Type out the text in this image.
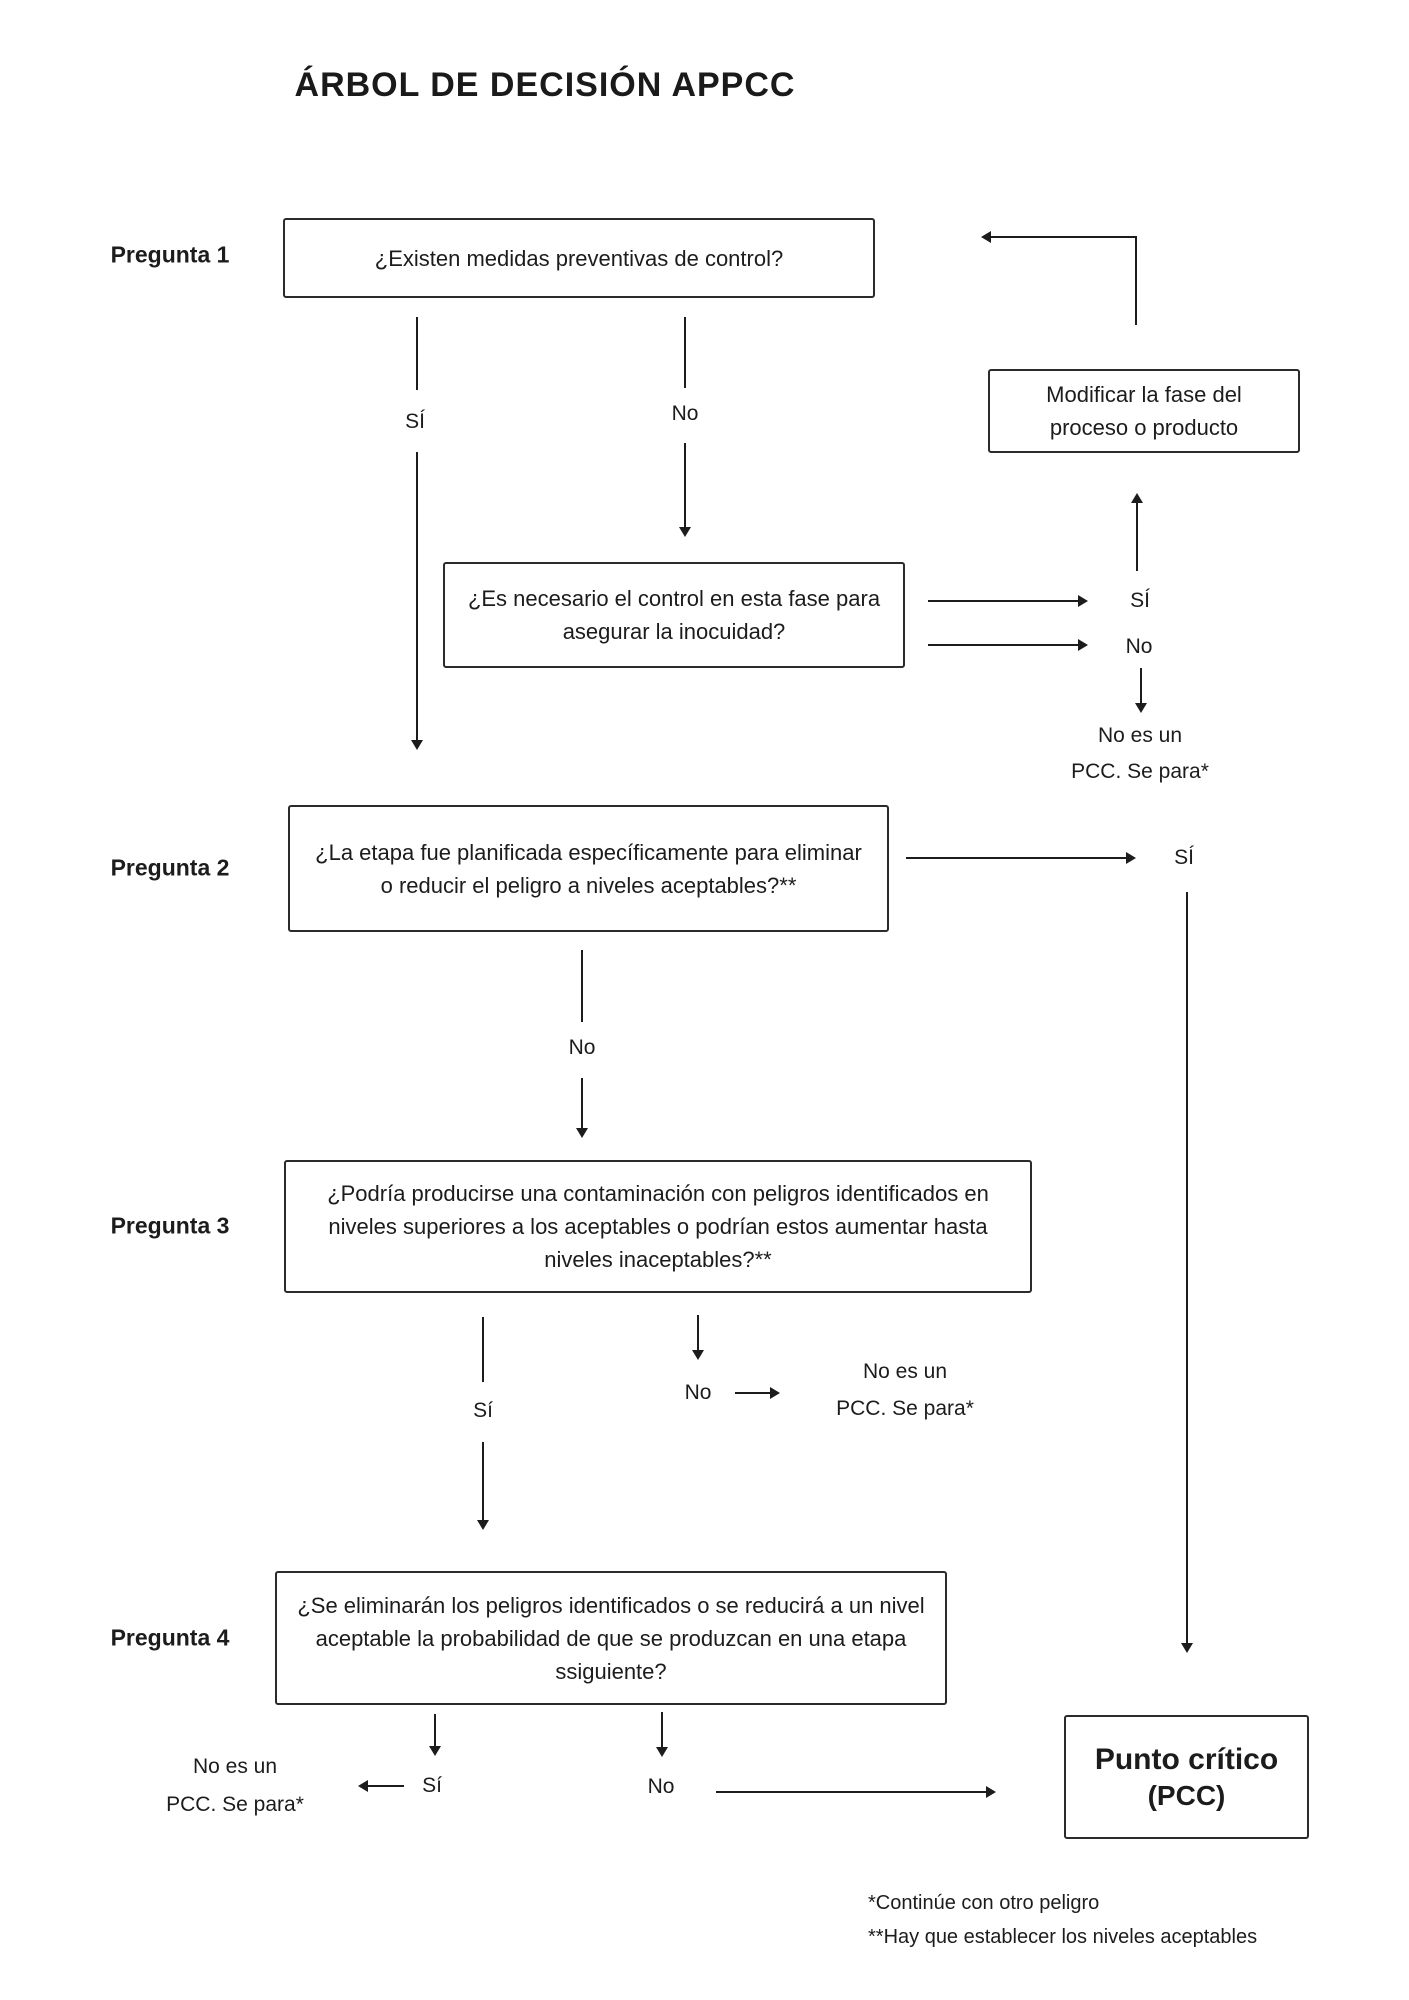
ÁRBOL DE DECISIÓN APPCC
Pregunta 1
Pregunta 2
Pregunta 3
Pregunta 4
¿Existen medidas preventivas de control?
SÍ	No
¿Es necesario el control en esta fase para asegurar la inocuidad?
SÍ
No
Modificar la fase del proceso o producto
No es un
PCC. Se para*
¿La etapa fue planificada específicamente para eliminar o reducir el peligro a niveles aceptables?**
SÍ
No
¿Podría producirse una contaminación con peligros identificados en niveles superiores a los aceptables o podrían estos aumentar hasta niveles inaceptables?**
Sí
No
No es un
PCC. Se para*
¿Se eliminarán los peligros identificados o se reducirá a un nivel aceptable la probabilidad de que se produzcan en una etapa ssiguiente?
Sí
No es un
PCC. Se para*
No
Punto crítico
(PCC)
*Continúe con otro peligro
**Hay que establecer los niveles aceptables
